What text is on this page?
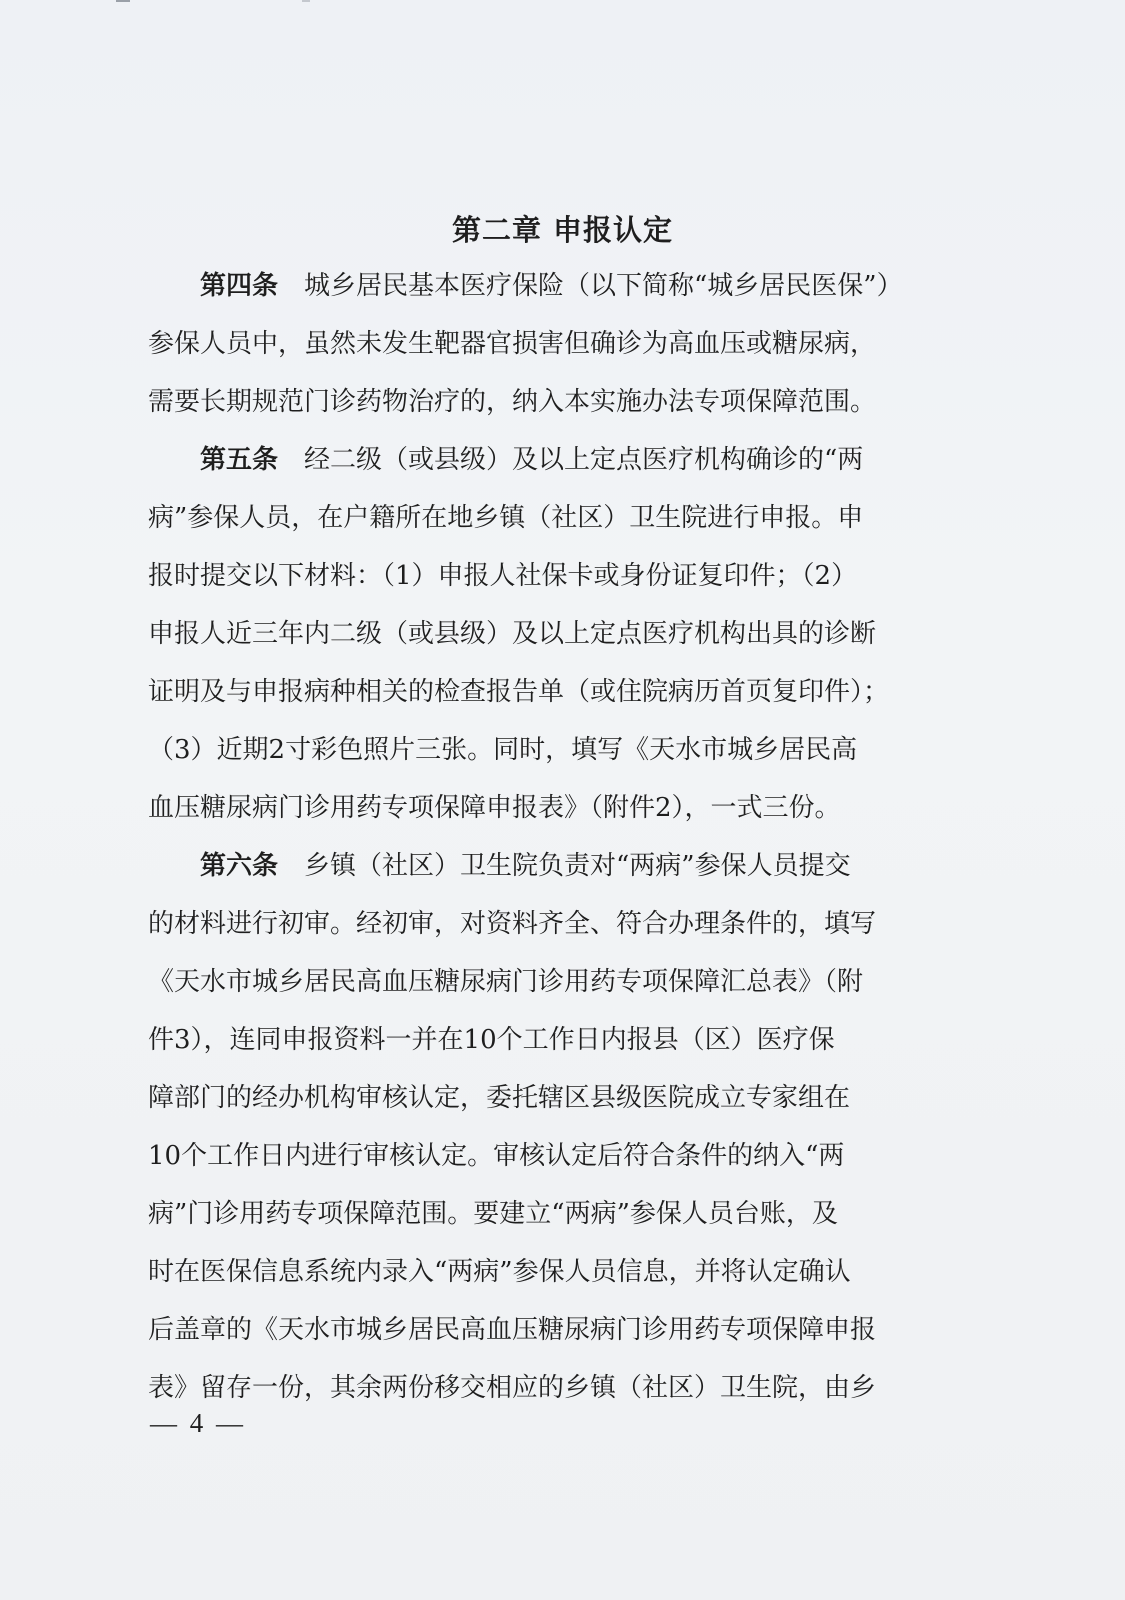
第二章 申报认定

第四条 城乡居民基本医疗保险（以下简称“城乡居民医保”）

参保人员中，虽然未发生靶器官损害但确诊为高血压或糖尿病，

需要长期规范门诊药物治疗的，纳入本实施办法专项保障范围。

第五条 经二级（或县级）及以上定点医疗机构确诊的“两

病”参保人员，在户籍所在地乡镇（社区）卫生院进行申报。申

报时提交以下材料：（1）申报人社保卡或身份证复印件；（2）

申报人近三年内二级（或县级）及以上定点医疗机构出具的诊断

证明及与申报病种相关的检查报告单（或住院病历首页复印件）；

（3）近期2寸彩色照片三张。同时，填写《天水市城乡居民高

血压糖尿病门诊用药专项保障申报表》（附件2），一式三份。

第六条 乡镇（社区）卫生院负责对“两病”参保人员提交

的材料进行初审。经初审，对资料齐全、符合办理条件的，填写

《天水市城乡居民高血压糖尿病门诊用药专项保障汇总表》（附

件3），连同申报资料一并在10个工作日内报县（区）医疗保

障部门的经办机构审核认定，委托辖区县级医院成立专家组在

10个工作日内进行审核认定。审核认定后符合条件的纳入“两

病”门诊用药专项保障范围。要建立“两病”参保人员台账，及

时在医保信息系统内录入“两病”参保人员信息，并将认定确认

后盖章的《天水市城乡居民高血压糖尿病门诊用药专项保障申报

表》留存一份，其余两份移交相应的乡镇（社区）卫生院，由乡

— 4 —
